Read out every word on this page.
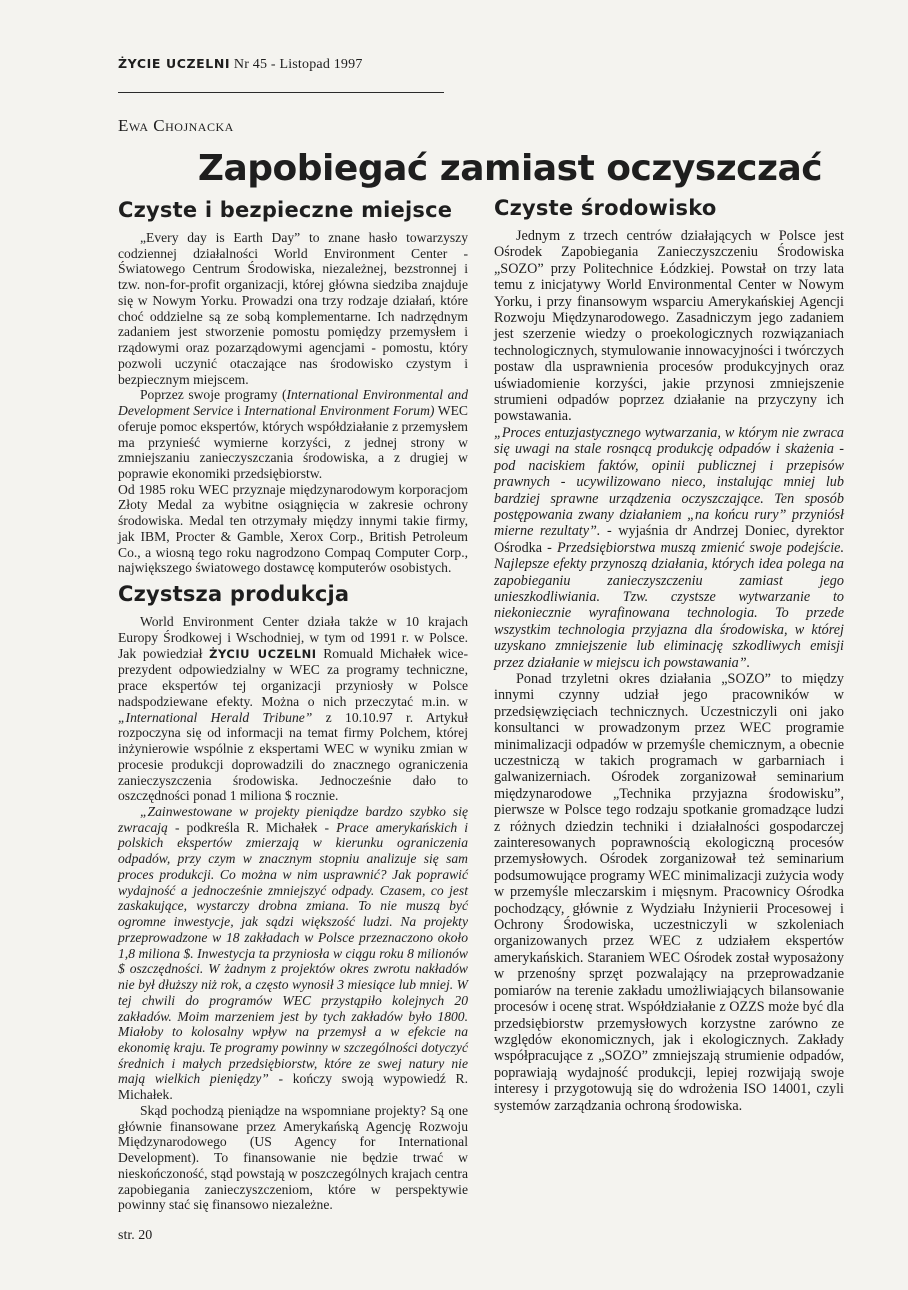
ŻYCIE UCZELNI Nr 45 - Listopad 1997
Ewa Chojnacka
Zapobiegać zamiast oczyszczać
Czyste i bezpieczne miejsce

„Every day is Earth Day” to znane hasło towarzyszy codziennej działalności World Environment Center - Światowego Centrum Środowiska, niezależnej, bezstronnej i tzw. non-for-profit organizacji, której główna siedziba znajduje się w Nowym Yorku. Prowadzi ona trzy rodzaje działań, które choć oddzielne są ze sobą komplementarne. Ich nadrzędnym zadaniem jest stworzenie pomostu pomiędzy przemysłem i rządowymi oraz pozarządowymi agencjami - pomostu, który pozwoli uczynić otaczające nas środowisko czystym i bezpiecznym miejscem.

Poprzez swoje programy (International Environmental and Development Service i International Environment Forum) WEC oferuje pomoc ekspertów, których współdziałanie z przemysłem ma przynieść wymierne korzyści, z jednej strony w zmniejszaniu zanieczyszczania środowiska, a z drugiej w poprawie ekonomiki przedsiębiorstw.

Od 1985 roku WEC przyznaje międzynarodowym korporacjom Złoty Medal za wybitne osiągnięcia w zakresie ochrony środowiska. Medal ten otrzymały między innymi takie firmy, jak IBM, Procter & Gamble, Xerox Corp., British Petroleum Co., a wiosną tego roku nagrodzono Compaq Computer Corp., największego światowego dostawcę komputerów osobistych.

Czystsza produkcja

World Environment Center działa także w 10 krajach Europy Środkowej i Wschodniej, w tym od 1991 r. w Polsce. Jak powiedział ŻYCIU UCZELNI Romuald Michałek wice-prezydent odpowiedzialny w WEC za programy techniczne, prace ekspertów tej organizacji przyniosły w Polsce nadspodziewane efekty. Można o nich przeczytać m.in. w „International Herald Tribune” z 10.10.97 r. Artykuł rozpoczyna się od informacji na temat firmy Polchem, której inżynierowie wspólnie z ekspertami WEC w wyniku zmian w procesie produkcji doprowadzili do znacznego ograniczenia zanieczyszczenia środowiska. Jednocześnie dało to oszczędności ponad 1 miliona $ rocznie.

„Zainwestowane w projekty pieniądze bardzo szybko się zwracają - podkreśla R. Michałek - Prace amerykańskich i polskich ekspertów zmierzają w kierunku ograniczenia odpadów, przy czym w znacznym stopniu analizuje się sam proces produkcji. Co można w nim usprawnić? Jak poprawić wydajność a jednocześnie zmniejszyć odpady. Czasem, co jest zaskakujące, wystarczy drobna zmiana. To nie muszą być ogromne inwestycje, jak sądzi większość ludzi. Na projekty przeprowadzone w 18 zakładach w Polsce przeznaczono około 1,8 miliona $. Inwestycja ta przyniosła w ciągu roku 8 milionów $ oszczędności. W żadnym z projektów okres zwrotu nakładów nie był dłuższy niż rok, a często wynosił 3 miesiące lub mniej. W tej chwili do programów WEC przystąpiło kolejnych 20 zakładów. Moim marzeniem jest by tych zakładów było 1800. Miałoby to kolosalny wpływ na przemysł a w efekcie na ekonomię kraju. Te programy powinny w szczególności dotyczyć średnich i małych przedsiębiorstw, które ze swej natury nie mają wielkich pieniędzy” - kończy swoją wypowiedź R. Michałek.

Skąd pochodzą pieniądze na wspomniane projekty? Są one głównie finansowane przez Amerykańską Agencję Rozwoju Międzynarodowego (US Agency for International Development). To finansowanie nie będzie trwać w nieskończoność, stąd powstają w poszczególnych krajach centra zapobiegania zanieczyszczeniom, które w perspektywie powinny stać się finansowo niezależne.

Czyste środowisko

Jednym z trzech centrów działających w Polsce jest Ośrodek Zapobiegania Zanieczyszczeniu Środowiska „SOZO” przy Politechnice Łódzkiej. Powstał on trzy lata temu z inicjatywy World Environmental Center w Nowym Yorku, i przy finansowym wsparciu Amerykańskiej Agencji Rozwoju Międzynarodowego. Zasadniczym jego zadaniem jest szerzenie wiedzy o proekologicznych rozwiązaniach technologicznych, stymulowanie innowacyjności i twórczych postaw dla usprawnienia procesów produkcyjnych oraz uświadomienie korzyści, jakie przynosi zmniejszenie strumieni odpadów poprzez działanie na przyczyny ich powstawania.

„Proces entuzjastycznego wytwarzania, w którym nie zwraca się uwagi na stale rosnącą produkcję odpadów i skażenia - pod naciskiem faktów, opinii publicznej i przepisów prawnych - ucywilizowano nieco, instalując mniej lub bardziej sprawne urządzenia oczyszczające. Ten sposób postępowania zwany działaniem „na końcu rury” przyniósł mierne rezultaty”. - wyjaśnia dr Andrzej Doniec, dyrektor Ośrodka - Przedsiębiorstwa muszą zmienić swoje podejście. Najlepsze efekty przynoszą działania, których idea polega na zapobieganiu zanieczyszczeniu zamiast jego unieszkodliwiania. Tzw. czystsze wytwarzanie to niekoniecznie wyrafinowana technologia. To przede wszystkim technologia przyjazna dla środowiska, w której uzyskano zmniejszenie lub eliminację szkodliwych emisji przez działanie w miejscu ich powstawania”.

Ponad trzyletni okres działania „SOZO” to między innymi czynny udział jego pracowników w przedsięwzięciach technicznych. Uczestniczyli oni jako konsultanci w prowadzonym przez WEC programie minimalizacji odpadów w przemyśle chemicznym, a obecnie uczestniczą w takich programach w garbarniach i galwanizerniach. Ośrodek zorganizował seminarium międzynarodowe „Technika przyjazna środowisku”, pierwsze w Polsce tego rodzaju spotkanie gromadzące ludzi z różnych dziedzin techniki i działalności gospodarczej zainteresowanych poprawnością ekologiczną procesów przemysłowych. Ośrodek zorganizował też seminarium podsumowujące programy WEC minimalizacji zużycia wody w przemyśle mleczarskim i mięsnym. Pracownicy Ośrodka pochodzący, głównie z Wydziału Inżynierii Procesowej i Ochrony Środowiska, uczestniczyli w szkoleniach organizowanych przez WEC z udziałem ekspertów amerykańskich. Staraniem WEC Ośrodek został wyposażony w przenośny sprzęt pozwalający na przeprowadzanie pomiarów na terenie zakładu umożliwiających bilansowanie procesów i ocenę strat. Współdziałanie z OZZS może być dla przedsiębiorstw przemysłowych korzystne zarówno ze względów ekonomicznych, jak i ekologicznych. Zakłady współpracujące z „SOZO” zmniejszają strumienie odpadów, poprawiają wydajność produkcji, lepiej rozwijają swoje interesy i przygotowują się do wdrożenia ISO 14001, czyli systemów zarządzania ochroną środowiska.

str. 20
